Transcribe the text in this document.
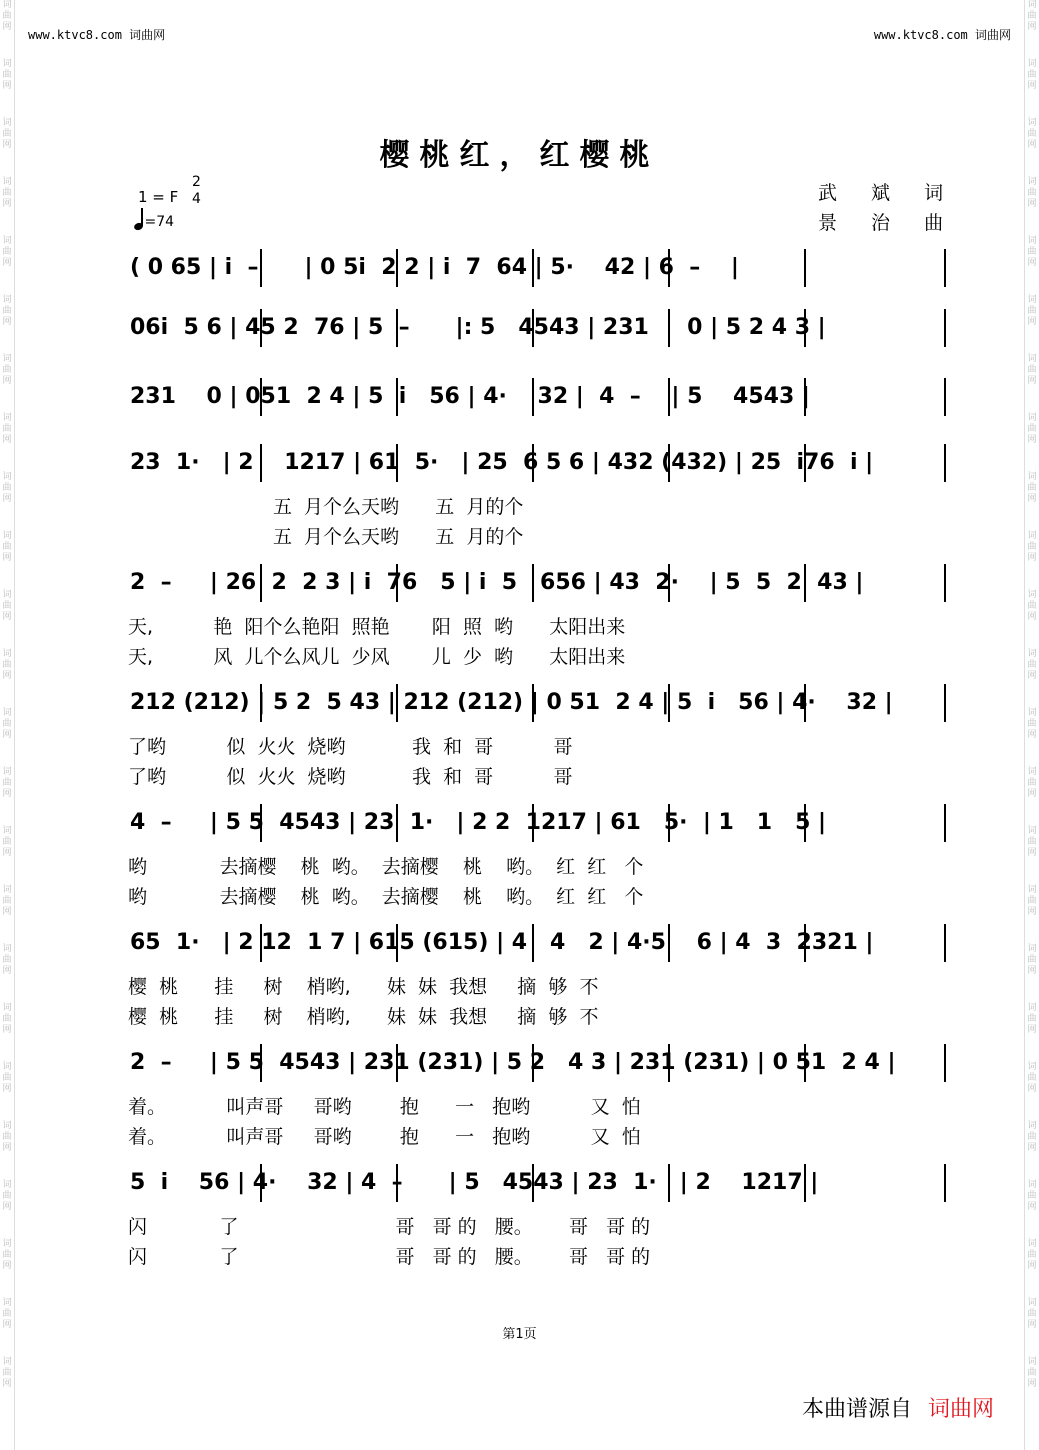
词曲网
词曲网
词曲网
词曲网
词曲网
词曲网
词曲网
词曲网
词曲网
词曲网
词曲网
词曲网
词曲网
词曲网
词曲网
词曲网
词曲网
词曲网
词曲网
词曲网
词曲网
词曲网
词曲网
词曲网
词曲网
词曲网
词曲网
词曲网
词曲网
词曲网
词曲网
词曲网
词曲网
词曲网
词曲网
词曲网
词曲网
词曲网
词曲网
词曲网
词曲网
词曲网
词曲网
词曲网
词曲网
词曲网
词曲网
词曲网
www.ktvc8.com 词曲网	www.ktvc8.com 词曲网
樱桃红，红樱桃
1 = F
2
4
=74
武 斌 词
景 治 曲
( 0 65 | i  –      | 0 5i  2 2 | i  7  64 | 5·    42 | 6  –    |
06i  5 6 | 45 2  76 | 5  –      |: 5   4543 | 231     0 | 5 2 4 3 |
231    0 | 051  2 4 | 5  i   56 | 4·    32 |  4  –    | 5    4543 |
23  1·   | 2    1217 | 61  5·   | 25  6 5 6 | 432 (432) | 25  i76  i |
五  月个么天哟      五  月的个
五  月个么天哟      五  月的个
2  –     | 26  2  2 3 | i  76   5 | i  5   656 | 43  2·    | 5  5  2  43 |
天,          艳  阳个么艳阳  照艳       阳  照  哟      太阳出来
天,          风  儿个么风儿  少风       儿  少  哟      太阳出来
212 (212) | 5 2  5 43 | 212 (212) | 0 51  2 4 | 5  i   56 | 4·    32 |
了哟          似  火火  烧哟           我  和  哥          哥
了哟          似  火火  烧哟           我  和  哥          哥
4  –     | 5 5  4543 | 23  1·   | 2 2  1217 | 61   5·  | 1   1   5 |
哟            去摘樱    桃  哟。  去摘樱    桃    哟。  红  红   个
哟            去摘樱    桃  哟。  去摘樱    桃    哟。  红  红   个
65  1·   | 2 12  1 7 | 615 (615) | 4   4   2 | 4·5    6 | 4  3  2321 |
樱  桃      挂     树    梢哟,      妹  妹  我想     摘  够  不
樱  桃      挂     树    梢哟,      妹  妹  我想     摘  够  不
2  –     | 5 5  4543 | 231 (231) | 5 2   4 3 | 231 (231) | 0 51  2 4 |
着。          叫声哥     哥哟        抱      一   抱哟          又  怕
着。          叫声哥     哥哟        抱      一   抱哟          又  怕
5  i    56 | 4·    32 | 4  –      | 5   4543 | 23  1·   | 2    1217 |
闪            了                          哥   哥 的   腰。      哥   哥 的
闪            了                          哥   哥 的   腰。      哥   哥 的
第1页
本曲谱源自 词曲网
